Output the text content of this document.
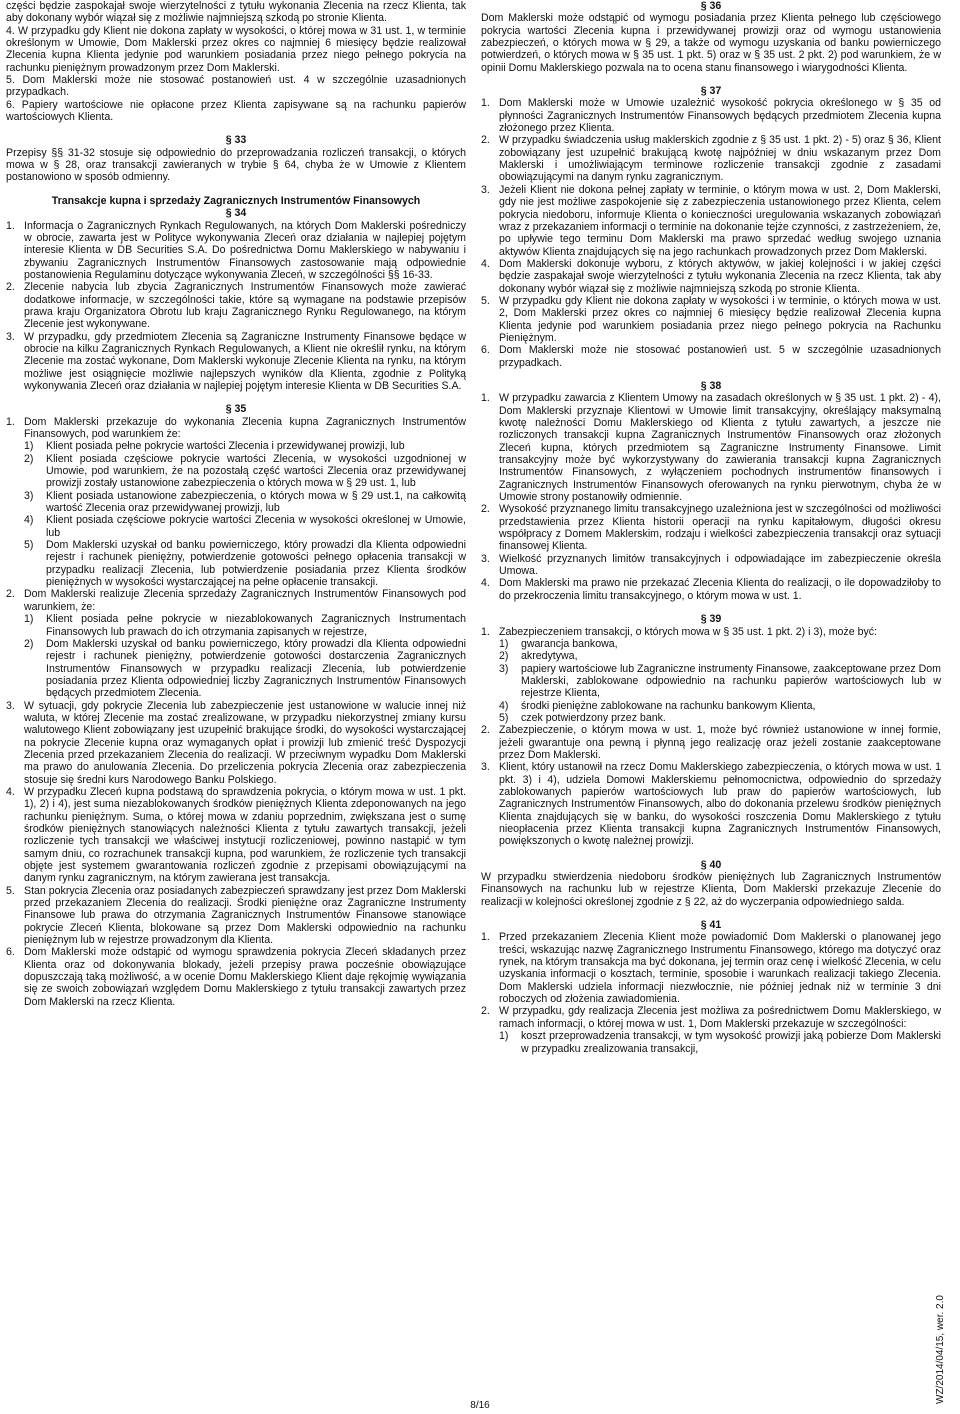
części będzie zaspokajał swoje wierzytelności z tytułu wykonania Zlecenia na rzecz Klienta, tak aby dokonany wybór wiązał się z możliwie najmniejszą szkodą po stronie Klienta.

4. W przypadku gdy Klient nie dokona zapłaty w wysokości, o której mowa w 31 ust. 1, w terminie określonym w Umowie, Dom Maklerski przez okres co najmniej 6 miesięcy będzie realizował Zlecenia kupna Klienta jedynie pod warunkiem posiadania przez niego pełnego pokrycia na rachunku pieniężnym prowadzonym przez Dom Maklerski.

5. Dom Maklerski może nie stosować postanowień ust. 4 w szczególnie uzasadnionych przypadkach.

6. Papiery wartościowe nie opłacone przez Klienta zapisywane są na rachunku papierów wartościowych Klienta.

§ 33

Przepisy §§ 31-32 stosuje się odpowiednio do przeprowadzania rozliczeń transakcji, o których mowa w § 28, oraz transakcji zawieranych w trybie § 64, chyba że w Umowie z Klientem postanowiono w sposób odmienny.

Transakcje kupna i sprzedaży Zagranicznych Instrumentów Finansowych

§ 34

1. Informacja o Zagranicznych Rynkach Regulowanych, na których Dom Maklerski pośredniczy w obrocie, zawarta jest w Polityce wykonywania Zleceń oraz działania w najlepiej pojętym interesie Klienta w DB Securities S.A. Do pośrednictwa Domu Maklerskiego w nabywaniu i zbywaniu Zagranicznych Instrumentów Finansowych zastosowanie mają odpowiednie postanowienia Regulaminu dotyczące wykonywania Zleceń, w szczególności §§ 16-33.
2. Zlecenie nabycia lub zbycia Zagranicznych Instrumentów Finansowych może zawierać dodatkowe informacje, w szczególności takie, które są wymagane na podstawie przepisów prawa kraju Organizatora Obrotu lub kraju Zagranicznego Rynku Regulowanego, na którym Zlecenie jest wykonywane.
3. W przypadku, gdy przedmiotem Zlecenia są Zagraniczne Instrumenty Finansowe będące w obrocie na kilku Zagranicznych Rynkach Regulowanych, a Klient nie określił rynku, na którym Zlecenie ma zostać wykonane, Dom Maklerski wykonuje Zlecenie Klienta na rynku, na którym możliwe jest osiągnięcie możliwie najlepszych wyników dla Klienta, zgodnie z Polityką wykonywania Zleceń oraz działania w najlepiej pojętym interesie Klienta w DB Securities S.A.

§ 35

1. Dom Maklerski przekazuje do wykonania Zlecenia kupna Zagranicznych Instrumentów Finansowych, pod warunkiem że:
1)	Klient posiada pełne pokrycie wartości Zlecenia i przewidywanej prowizji, lub
2)	Klient posiada częściowe pokrycie wartości Zlecenia, w wysokości uzgodnionej w Umowie, pod warunkiem, że na pozostałą część wartości Zlecenia oraz przewidywanej prowizji zostały ustanowione zabezpieczenia o których mowa w § 29 ust. 1, lub
3)	Klient posiada ustanowione zabezpieczenia, o których mowa w § 29 ust.1, na całkowitą wartość Zlecenia oraz przewidywanej prowizji, lub
4)	Klient posiada częściowe pokrycie wartości Zlecenia w wysokości określonej w Umowie, lub
5)	Dom Maklerski uzyskał od banku powierniczego, który prowadzi dla Klienta odpowiedni rejestr i rachunek pieniężny, potwierdzenie gotowości pełnego opłacenia transakcji w przypadku realizacji Zlecenia, lub potwierdzenie posiadania przez Klienta środków pieniężnych w wysokości wystarczającej na pełne opłacenie transakcji.
2. Dom Maklerski realizuje Zlecenia sprzedaży Zagranicznych Instrumentów Finansowych pod warunkiem, że:
1)	Klient posiada pełne pokrycie w niezablokowanych Zagranicznych Instrumentach Finansowych lub prawach do ich otrzymania zapisanych w rejestrze,
2)	Dom Maklerski uzyskał od banku powierniczego, który prowadzi dla Klienta odpowiedni rejestr i rachunek pieniężny, potwierdzenie gotowości dostarczenia Zagranicznych Instrumentów Finansowych w przypadku realizacji Zlecenia, lub potwierdzenie posiadania przez Klienta odpowiedniej liczby Zagranicznych Instrumentów Finansowych będących przedmiotem Zlecenia.
3. W sytuacji, gdy pokrycie Zlecenia lub zabezpieczenie jest ustanowione w walucie innej niż waluta, w której Zlecenie ma zostać zrealizowane, w przypadku niekorzystnej zmiany kursu walutowego Klient zobowiązany jest uzupełnić brakujące środki, do wysokości wystarczającej na pokrycie Zlecenie kupna oraz wymaganych opłat i prowizji lub zmienić treść Dyspozycji Zlecenia przed przekazaniem Zlecenia do realizacji. W przeciwnym wypadku Dom Maklerski ma prawo do anulowania Zlecenia. Do przeliczenia pokrycia Zlecenia oraz zabezpieczenia stosuje się średni kurs Narodowego Banku Polskiego.
4. W przypadku Zleceń kupna podstawą do sprawdzenia pokrycia, o którym mowa w ust. 1 pkt. 1), 2) i 4), jest suma niezablokowanych środków pieniężnych Klienta zdeponowanych na jego rachunku pieniężnym. Suma, o której mowa w zdaniu poprzednim, zwiększana jest o sumę środków pieniężnych stanowiących należności Klienta z tytułu zawartych transakcji, jeżeli rozliczenie tych transakcji we właściwej instytucji rozliczeniowej, powinno nastąpić w tym samym dniu, co rozrachunek transakcji kupna, pod warunkiem, że rozliczenie tych transakcji objęte jest systemem gwarantowania rozliczeń zgodnie z przepisami obowiązującymi na danym rynku zagranicznym, na którym zawierana jest transakcja.
5. Stan pokrycia Zlecenia oraz posiadanych zabezpieczeń sprawdzany jest przez Dom Maklerski przed przekazaniem Zlecenia do realizacji. Środki pieniężne oraz Zagraniczne Instrumenty Finansowe lub prawa do otrzymania Zagranicznych Instrumentów Finansowe stanowiące pokrycie Zleceń Klienta, blokowane są przez Dom Maklerski odpowiednio na rachunku pieniężnym lub w rejestrze prowadzonym dla Klienta.
6. Dom Maklerski może odstąpić od wymogu sprawdzenia pokrycia Zleceń składanych przez Klienta oraz od dokonywania blokady, jeżeli przepisy prawa pocześnie obowiązujące dopuszczają taką możliwość, a w ocenie Domu Maklerskiego Klient daje rękojmię wywiązania się ze swoich zobowiązań względem Domu Maklerskiego z tytułu transakcji zawartych przez Dom Maklerski na rzecz Klienta.

§ 36

Dom Maklerski może odstąpić od wymogu posiadania przez Klienta pełnego lub częściowego pokrycia wartości Zlecenia kupna i przewidywanej prowizji oraz od wymogu ustanowienia zabezpieczeń, o których mowa w § 29, a także od wymogu uzyskania od banku powierniczego potwierdzeń, o których mowa w § 35 ust. 1 pkt. 5) oraz w § 35 ust. 2 pkt. 2) pod warunkiem, że w opinii Domu Maklerskiego pozwala na to ocena stanu finansowego i wiarygodności Klienta.

§ 37

1. Dom Maklerski może w Umowie uzależnić wysokość pokrycia określonego w § 35 od płynności Zagranicznych Instrumentów Finansowych będących przedmiotem Zlecenia kupna złożonego przez Klienta.
2. W przypadku świadczenia usług maklerskich zgodnie z § 35 ust. 1 pkt. 2) - 5) oraz § 36, Klient zobowiązany jest uzupełnić brakującą kwotę najpóźniej w dniu wskazanym przez Dom Maklerski i umożliwiającym terminowe rozliczenie transakcji zgodnie z zasadami obowiązującymi na danym rynku zagranicznym.
3. Jeżeli Klient nie dokona pełnej zapłaty w terminie, o którym mowa w ust. 2, Dom Maklerski, gdy nie jest możliwe zaspokojenie się z zabezpieczenia ustanowionego przez Klienta, celem pokrycia niedoboru, informuje Klienta o konieczności uregulowania wskazanych zobowiązań wraz z przekazaniem informacji o terminie na dokonanie tejże czynności, z zastrzeżeniem, że, po upływie tego terminu Dom Maklerski ma prawo sprzedać według swojego uznania aktywów Klienta znajdujących się na jego rachunkach prowadzonych przez Dom Maklerski.
4. Dom Maklerski dokonuje wyboru, z których aktywów, w jakiej kolejności i w jakiej części będzie zaspakajał swoje wierzytelności z tytułu wykonania Zlecenia na rzecz Klienta, tak aby dokonany wybór wiązał się z możliwie najmniejszą szkodą po stronie Klienta.
5. W przypadku gdy Klient nie dokona zapłaty w wysokości i w terminie, o których mowa w ust. 2, Dom Maklerski przez okres co najmniej 6 miesięcy będzie realizował Zlecenia kupna Klienta jedynie pod warunkiem posiadania przez niego pełnego pokrycia na Rachunku Pieniężnym.
6. Dom Maklerski może nie stosować postanowień ust. 5 w szczególnie uzasadnionych przypadkach.

§ 38

1. W przypadku zawarcia z Klientem Umowy na zasadach określonych w § 35 ust. 1 pkt. 2) - 4), Dom Maklerski przyznaje Klientowi w Umowie limit transakcyjny, określający maksymalną kwotę należności Domu Maklerskiego od Klienta z tytułu zawartych, a jeszcze nie rozliczonych transakcji kupna Zagranicznych Instrumentów Finansowych oraz złożonych Zleceń kupna, których przedmiotem są Zagraniczne Instrumenty Finansowe. Limit transakcyjny może być wykorzystywany do zawierania transakcji kupna Zagranicznych Instrumentów Finansowych, z wyłączeniem pochodnych instrumentów finansowych i Zagranicznych Instrumentów Finansowych oferowanych na rynku pierwotnym, chyba że w Umowie strony postanowiły odmiennie.
2. Wysokość przyznanego limitu transakcyjnego uzależniona jest w szczególności od możliwości przedstawienia przez Klienta historii operacji na rynku kapitałowym, długości okresu współpracy z Domem Maklerskim, rodzaju i wielkości zabezpieczenia transakcji oraz sytuacji finansowej Klienta.
3. Wielkość przyznanych limitów transakcyjnych i odpowiadające im zabezpieczenie określa Umowa.
4. Dom Maklerski ma prawo nie przekazać Zlecenia Klienta do realizacji, o ile dopowadziłoby to do przekroczenia limitu transakcyjnego, o którym mowa w ust. 1.

§ 39

1. Zabezpieczeniem transakcji, o których mowa w § 35 ust. 1 pkt. 2) i 3), może być:
1)	gwarancja bankowa,
2)	akredytywa,
3)	papiery wartościowe lub Zagraniczne instrumenty Finansowe, zaakceptowane przez Dom Maklerski, zablokowane odpowiednio na rachunku papierów wartościowych lub w rejestrze Klienta,
4)	środki pieniężne zablokowane na rachunku bankowym Klienta,
5)	czek potwierdzony przez bank.
2. Zabezpieczenie, o którym mowa w ust. 1, może być również ustanowione w innej formie, jeżeli gwarantuje ona pewną i płynną jego realizację oraz jeżeli zostanie zaakceptowane przez Dom Maklerski.
3. Klient, który ustanowił na rzecz Domu Maklerskiego zabezpieczenia, o których mowa w ust. 1 pkt. 3) i 4), udziela Domowi Maklerskiemu pełnomocnictwa, odpowiednio do sprzedaży zablokowanych papierów wartościowych lub praw do papierów wartościowych, lub Zagranicznych Instrumentów Finansowych, albo do dokonania przelewu środków pieniężnych Klienta znajdujących się w banku, do wysokości roszczenia Domu Maklerskiego z tytułu nieopłacenia przez Klienta transakcji kupna Zagranicznych Instrumentów Finansowych, powiększonych o kwotę należnej prowizji.

§ 40

W przypadku stwierdzenia niedoboru środków pieniężnych lub Zagranicznych Instrumentów Finansowych na rachunku lub w rejestrze Klienta, Dom Maklerski przekazuje Zlecenie do realizacji w kolejności określonej zgodnie z § 22, aż do wyczerpania odpowiedniego salda.

§ 41

1. Przed przekazaniem Zlecenia Klient może powiadomić Dom Maklerski o planowanej jego treści, wskazując nazwę Zagranicznego Instrumentu Finansowego, którego ma dotyczyć oraz rynek, na którym transakcja ma być dokonana, jej termin oraz cenę i wielkość Zlecenia, w celu uzyskania informacji o kosztach, terminie, sposobie i warunkach realizacji takiego Zlecenia. Dom Maklerski udziela informacji niezwłocznie, nie później jednak niż w terminie 3 dni roboczych od złożenia zawiadomienia.
2. W przypadku, gdy realizacja Zlecenia jest możliwa za pośrednictwem Domu Maklerskiego, w ramach informacji, o której mowa w ust. 1, Dom Maklerski przekazuje w szczególności:
1)	koszt przeprowadzenia transakcji, w tym wysokość prowizji jaką pobierze Dom Maklerski w przypadku zrealizowania transakcji,
8/16
WZ/2014/04/15, wer. 2.0
